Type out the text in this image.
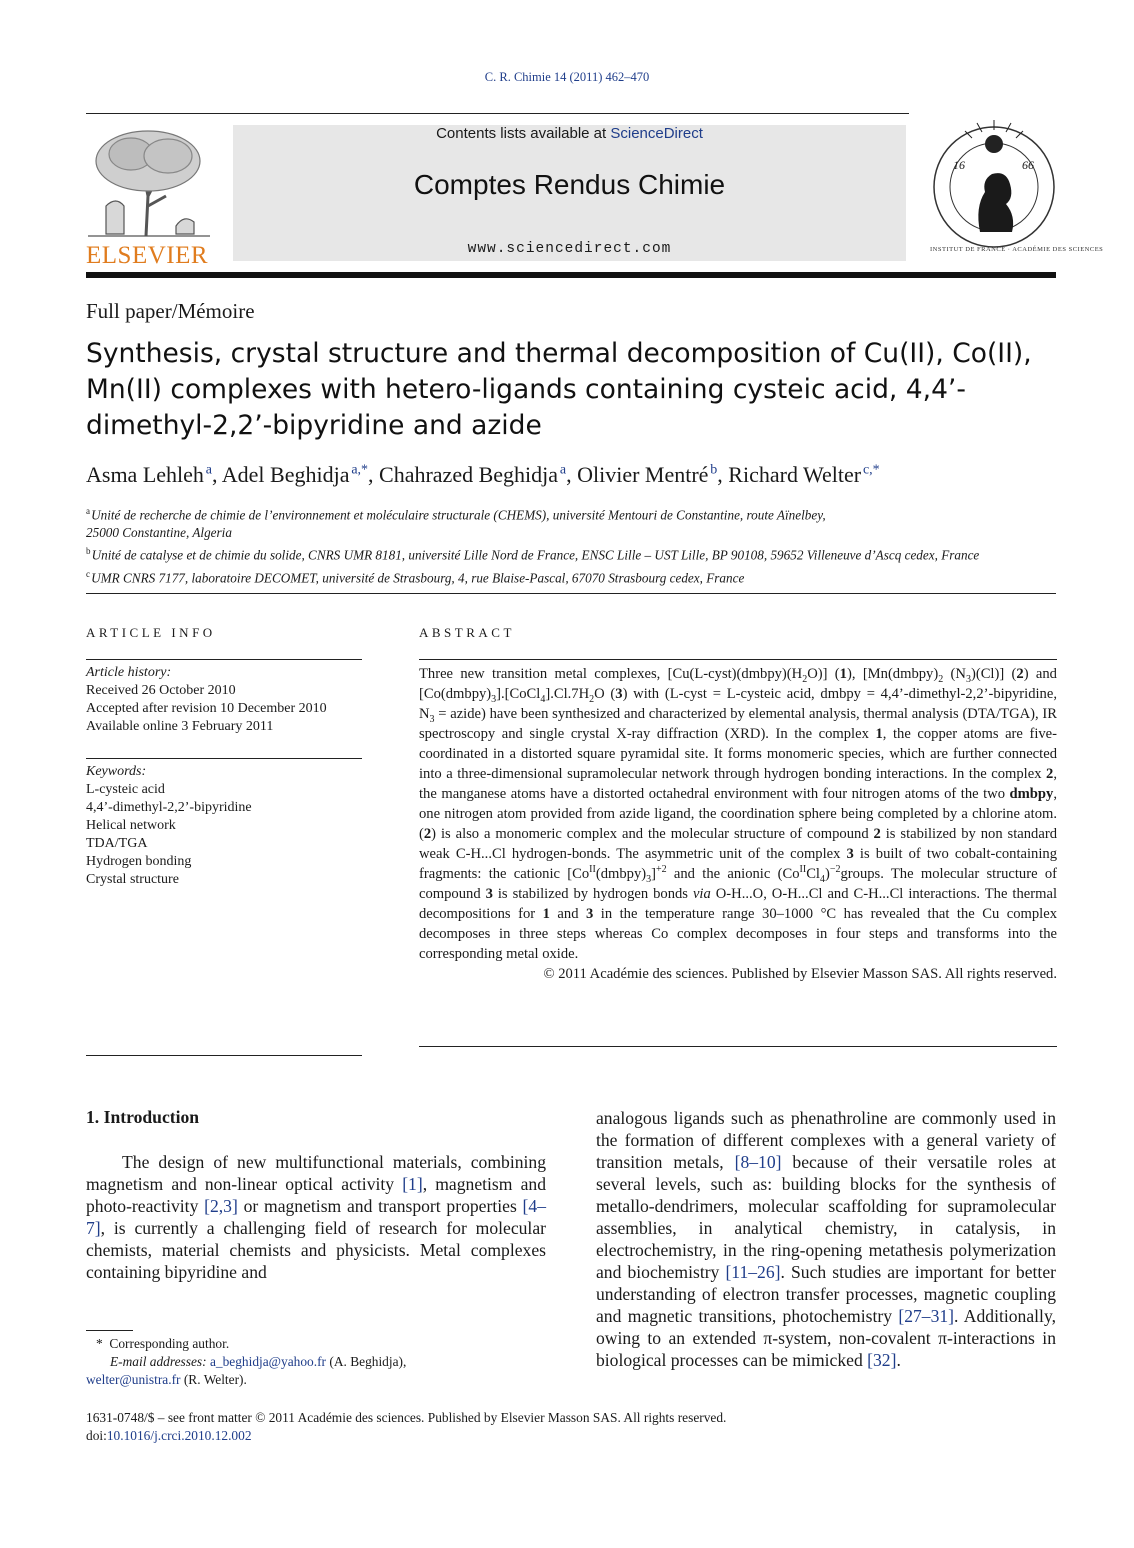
C. R. Chimie 14 (2011) 462–470
ELSEVIER
Contents lists available at ScienceDirect
Comptes Rendus Chimie
www.sciencedirect.com
16	66
INSTITUT DE FRANCE · ACADÉMIE DES SCIENCES
Full paper/Mémoire
Synthesis, crystal structure and thermal decomposition of Cu(II), Co(II), Mn(II) complexes with hetero-ligands containing cysteic acid, 4,4’-dimethyl-2,2’-bipyridine and azide
Asma Lehleh  $^a$, Adel Beghidja  $^{a,*}$, Chahrazed Beghidja  $^a$, Olivier Mentré  $^b$, Richard Welter  $^{c,*}$
$^a$ Unité de recherche de chimie de l’environnement et moléculaire structurale (CHEMS), université Mentouri de Constantine, route Aïnelbey,
25000 Constantine, Algeria
$^b$ Unité de catalyse et de chimie du solide, CNRS UMR 8181, université Lille Nord de France, ENSC Lille – UST Lille, BP 90108, 59652 Villeneuve d’Ascq cedex, France
$^c$ UMR CNRS 7177, laboratoire DECOMET, université de Strasbourg, 4, rue Blaise-Pascal, 67070 Strasbourg cedex, France
ARTICLE INFO
Article history:
Received 26 October 2010
Accepted after revision 10 December 2010
Available online 3 February 2011
Keywords:
L-cysteic acid
4,4’-dimethyl-2,2’-bipyridine
Helical network
TDA/TGA
Hydrogen bonding
Crystal structure
ABSTRACT
Three new transition metal complexes, $[Cu(L-cyst)(dmbpy)(H_2O)]$ (1), [$Mn(dmbpy)_2$ $(N_3)(Cl)$] (2) and $[Co(dmbpy)_3].[CoCl_4].Cl.7H_2O$ (3) with (L-cyst = L-cysteic acid, dmbpy = 4,4’-dimethyl-2,2’-bipyridine, $N_3$ = azide) have been synthesized and characterized by elemental analysis, thermal analysis (DTA/TGA), IR spectroscopy and single crystal X-ray diffraction (XRD). In the complex 1, the copper atoms are five-coordinated in a distorted square pyramidal site. It forms monomeric species, which are further connected into a three-dimensional supramolecular network through hydrogen bonding interactions. In the complex 2, the manganese atoms have a distorted octahedral environment with four nitrogen atoms of the two dmbpy, one nitrogen atom provided from azide ligand, the coordination sphere being completed by a chlorine atom. (2) is also a monomeric complex and the molecular structure of compound 2 is stabilized by non standard weak C-H...Cl hydrogen-bonds. The asymmetric unit of the complex 3 is built of two cobalt-containing fragments: the cationic $[Co^{II}(dmbpy)_3]^{+2}$ and the anionic $(Co^{II}Cl_4)^{-2}groups$. The molecular structure of compound 3 is stabilized by hydrogen bonds via O-H...O, O-H...Cl and C-H...Cl interactions. The thermal decompositions for 1 and 3 in the temperature range 30–1000 °C has revealed that the Cu complex decomposes in three steps whereas Co complex decomposes in four steps and transforms into the corresponding metal oxide.
© 2011 Académie des sciences. Published by Elsevier Masson SAS. All rights reserved.
1. Introduction
The design of new multifunctional materials, combining magnetism and non-linear optical activity [1], magnetism and photo-reactivity [2,3] or magnetism and transport properties [4–7], is currently a challenging field of research for molecular chemists, material chemists and physicists. Metal complexes containing bipyridine and
analogous ligands such as phenathroline are commonly used in the formation of different complexes with a general variety of transition metals, [8–10] because of their versatile roles at several levels, such as: building blocks for the synthesis of metallo-dendrimers, molecular scaffolding for supramolecular assemblies, in analytical chemistry, in catalysis, in electrochemistry, in the ring-opening metathesis polymerization and biochemistry [11–26]. Such studies are important for better understanding of electron transfer processes, magnetic coupling and magnetic transitions, photochemistry [27–31]. Additionally, owing to an extended π-system, non-covalent π-interactions in biological processes can be mimicked [32].
* Corresponding author.
E-mail addresses: a_beghidja@yahoo.fr (A. Beghidja),
welter@unistra.fr (R. Welter).
1631-0748/$ – see front matter © 2011 Académie des sciences. Published by Elsevier Masson SAS. All rights reserved.
doi:10.1016/j.crci.2010.12.002
